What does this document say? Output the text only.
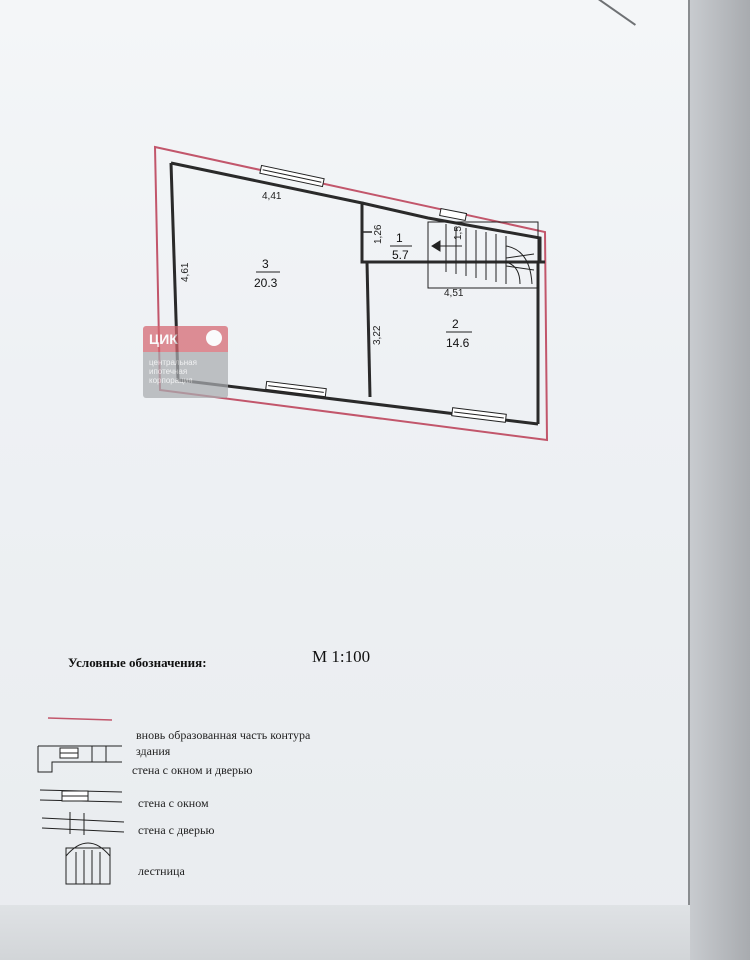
3
20.3
1
5.7
2
14.6
4,41
4,61
1,26	1,5
4,51
3,22
ЦИК
центральная
ипотечная
корпорация
М 1:100
Условные обозначения:
вновь образованная часть контура
здания
стена с окном и дверью
стена с окном
стена с дверью
лестница
